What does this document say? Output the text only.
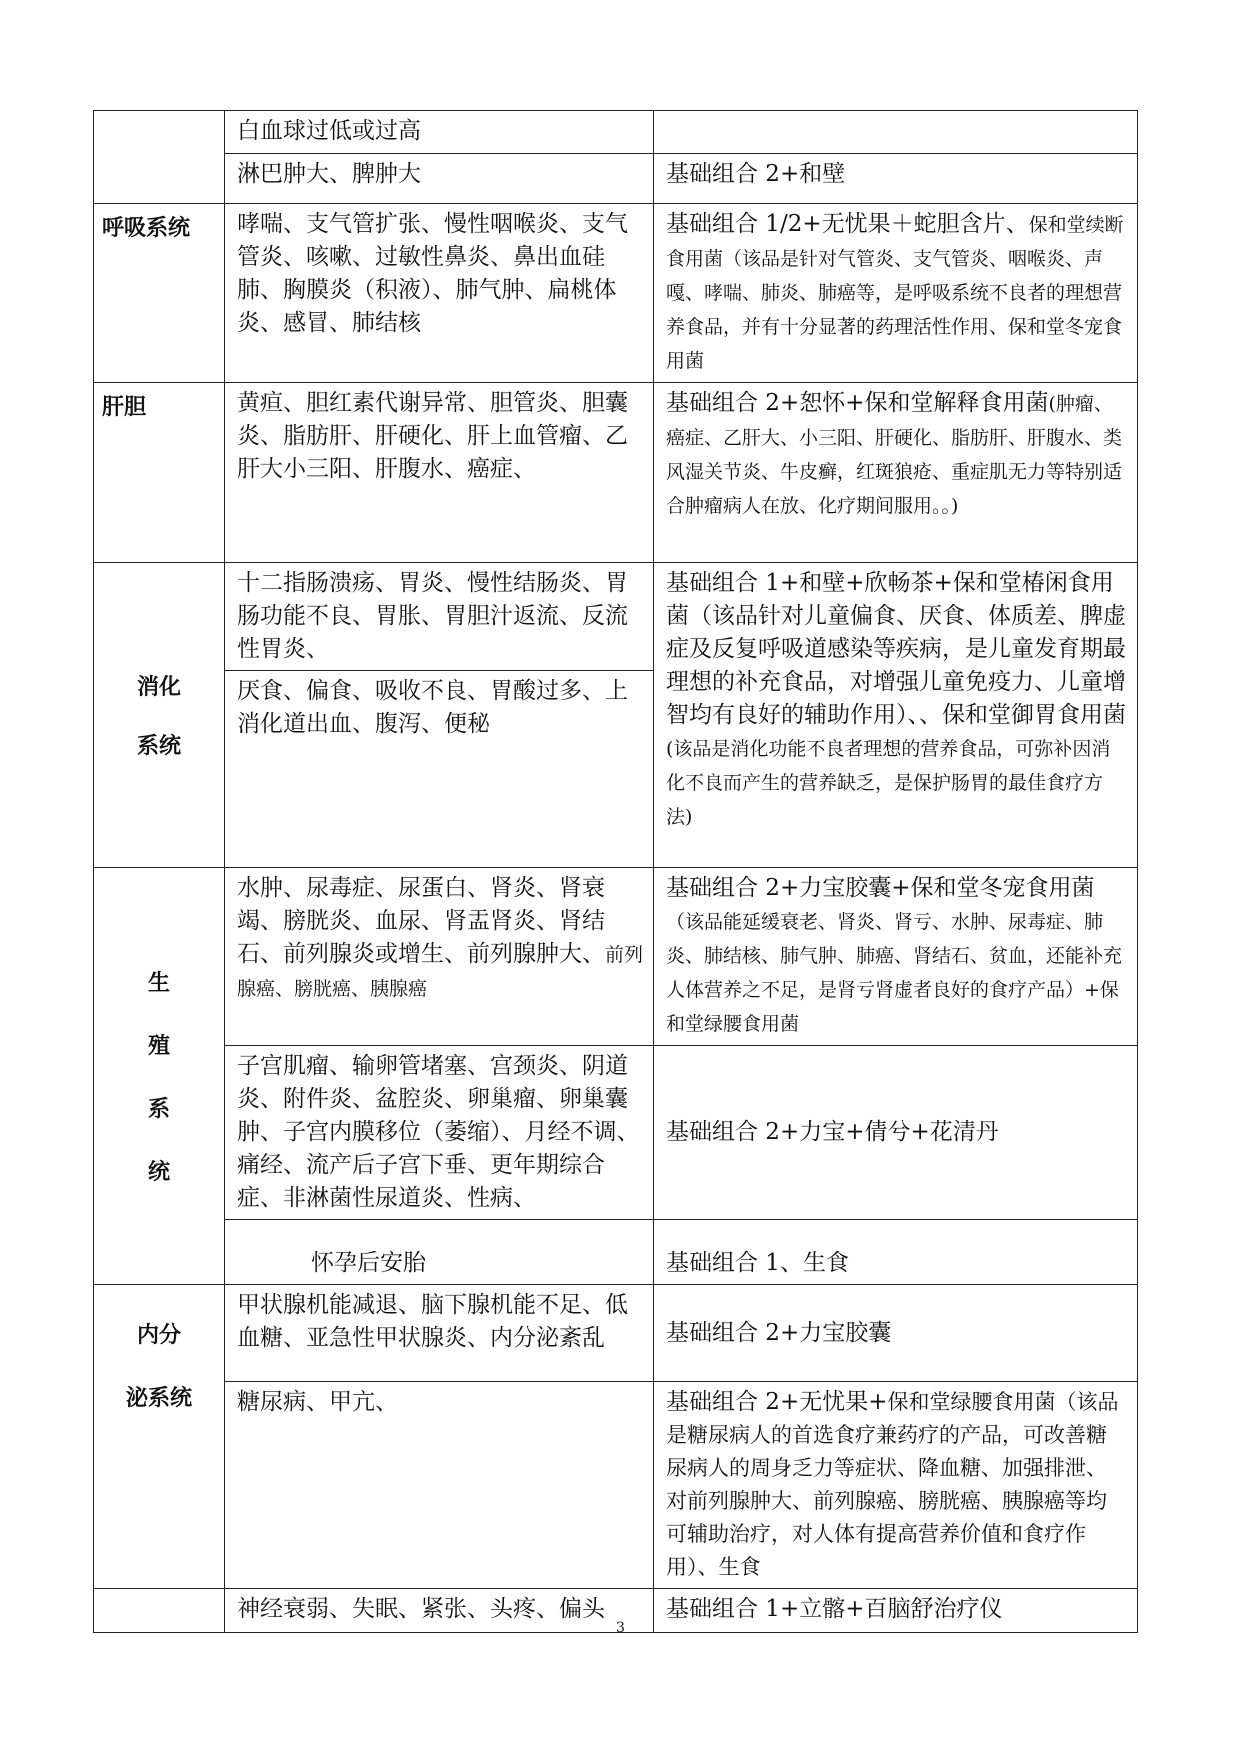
	白血球过低或过高	
	淋巴肿大、脾肿大	基础组合 2+和壁
呼吸系统	哮喘、支气管扩张、慢性咽喉炎、支气管炎、咳嗽、过敏性鼻炎、鼻出血硅肺、胸膜炎（积液）、肺气肿、扁桃体炎、感冒、肺结核	基础组合 1/2+无忧果＋蛇胆含片、保和堂续断食用菌（该品是针对气管炎、支气管炎、咽喉炎、声嘎、哮喘、肺炎、肺癌等，是呼吸系统不良者的理想营养食品，并有十分显著的药理活性作用、保和堂冬宠食用菌
肝胆	黄疸、胆红素代谢异常、胆管炎、胆囊炎、脂肪肝、肝硬化、肝上血管瘤、乙肝大小三阳、肝腹水、癌症、	基础组合 2+恕怀+保和堂解释食用菌(肿瘤、癌症、乙肝大、小三阳、肝硬化、脂肪肝、肝腹水、类风湿关节炎、牛皮癣，红斑狼疮、重症肌无力等特别适合肿瘤病人在放、化疗期间服用。。)

消化
系统	十二指肠溃疡、胃炎、慢性结肠炎、胃肠功能不良、胃胀、胃胆汁返流、反流性胃炎、	基础组合 1+和壁+欣畅茶+保和堂椿闲食用菌（该品针对儿童偏食、厌食、体质差、脾虚症及反复呼吸道感染等疾病，是儿童发育期最理想的补充食品，对增强儿童免疫力、儿童增智均有良好的辅助作用）、、保和堂御胃食用菌(该品是消化功能不良者理想的营养食品，可弥补因消化不良而产生的营养缺乏，是保护肠胃的最佳食疗方法)
	厌食、偏食、吸收不良、胃酸过多、上消化道出血、腹泻、便秘	

生
殖
系
统	水肿、尿毒症、尿蛋白、肾炎、肾衰竭、膀胱炎、血尿、肾盂肾炎、肾结石、前列腺炎或增生、前列腺肿大、前列腺癌、膀胱癌、胰腺癌	基础组合 2+力宝胶囊+保和堂冬宠食用菌（该品能延缓衰老、肾炎、肾亏、水肿、尿毒症、肺炎、肺结核、肺气肿、肺癌、肾结石、贫血，还能补充人体营养之不足，是肾亏肾虚者良好的食疗产品）+保和堂绿腰食用菌
	子宫肌瘤、输卵管堵塞、宫颈炎、阴道炎、附件炎、盆腔炎、卵巢瘤、卵巢囊肿、子宫内膜移位（萎缩）、月经不调、痛经、流产后子宫下垂、更年期综合症、非淋菌性尿道炎、性病、	基础组合 2+力宝+倩兮+花清丹
	怀孕后安胎	基础组合 1、生食

内分
泌系统	甲状腺机能减退、脑下腺机能不足、低血糖、亚急性甲状腺炎、内分泌紊乱	基础组合 2+力宝胶囊
	糖尿病、甲亢、	基础组合 2+无忧果+保和堂绿腰食用菌（该品是糖尿病人的首选食疗兼药疗的产品，可改善糖尿病人的周身乏力等症状、降血糖、加强排泄、对前列腺肿大、前列腺癌、膀胱癌、胰腺癌等均可辅助治疗，对人体有提高营养价值和食疗作用）、生食
	神经衰弱、失眠、紧张、头疼、偏头	基础组合 1+立髂+百脑舒治疗仪
3
